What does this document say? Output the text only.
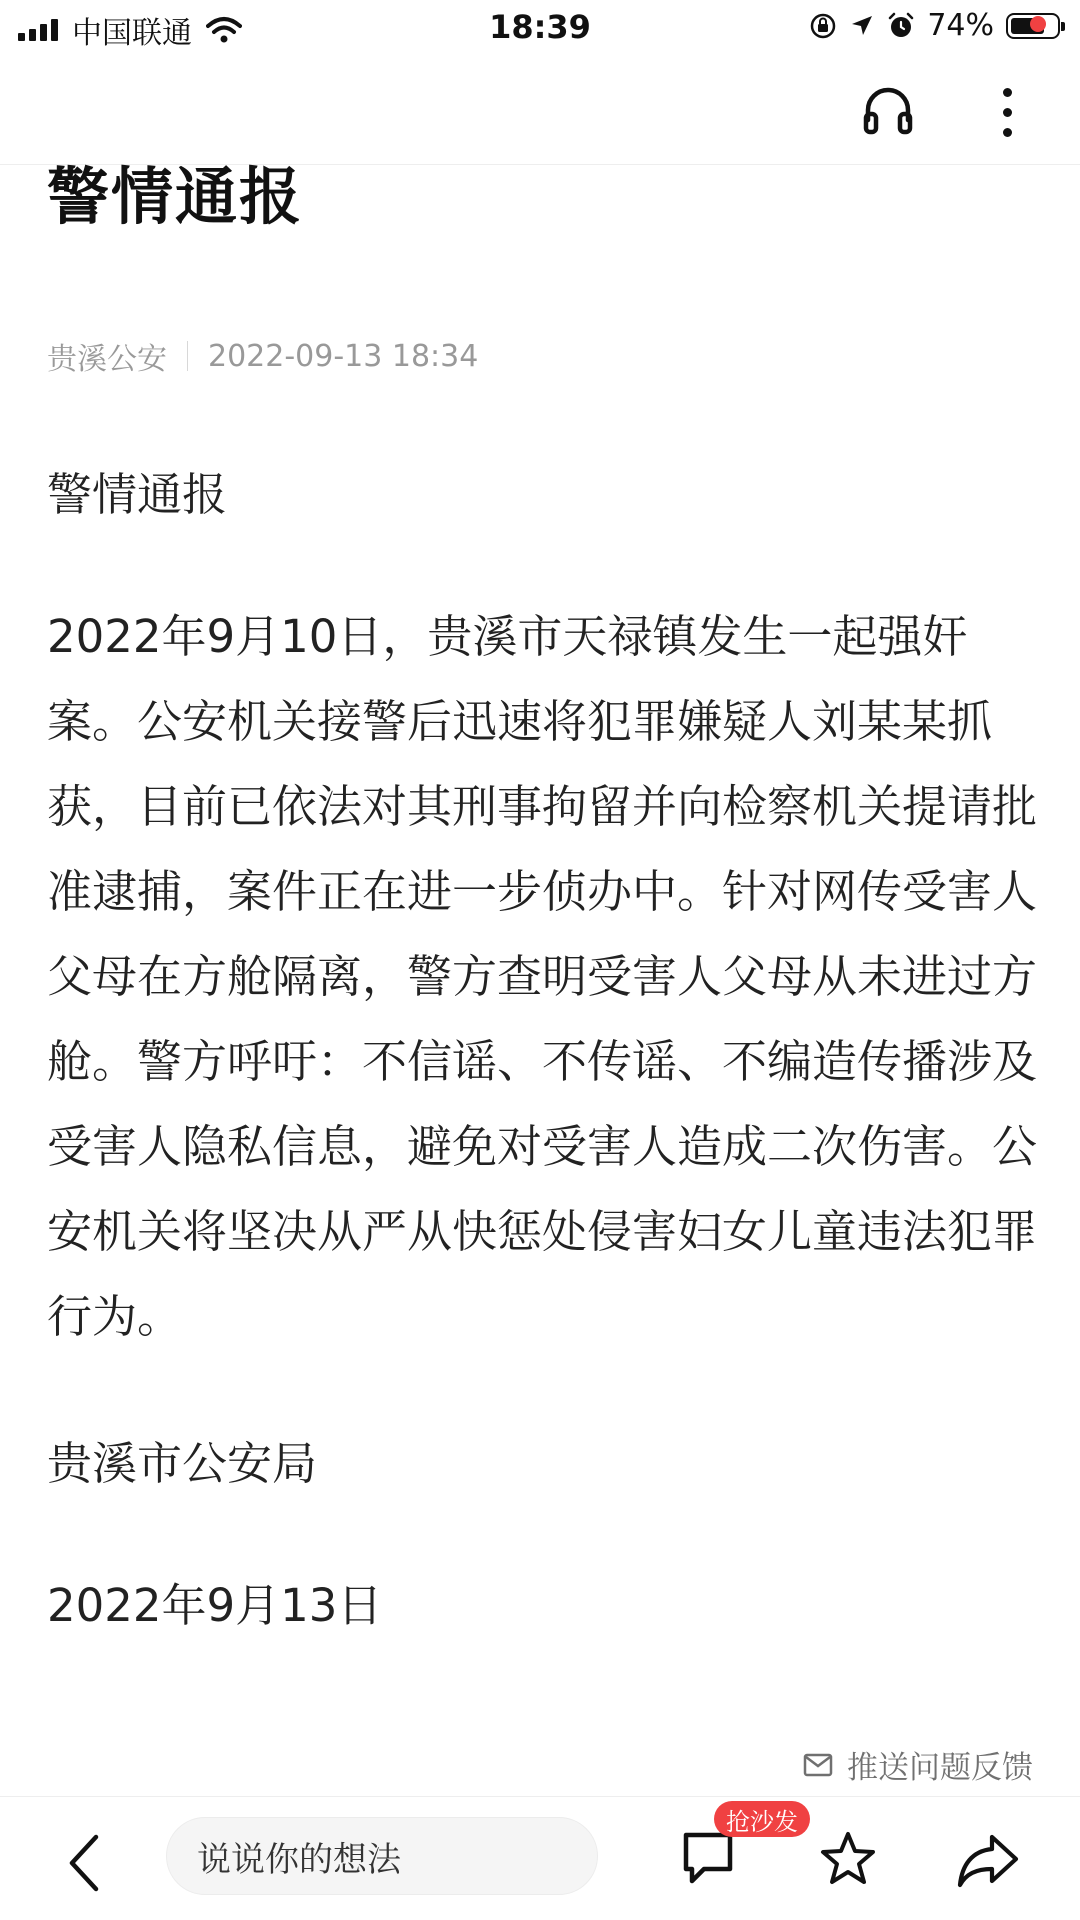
中国联通	18:39	74%
警情通报
贵溪公安 2022-09-13 18:34

警情通报

2022年9月10日，贵溪市天禄镇发生一起强奸案。公安机关接警后迅速将犯罪嫌疑人刘某某抓获，目前已依法对其刑事拘留并向检察机关提请批准逮捕，案件正在进一步侦办中。针对网传受害人父母在方舱隔离，警方查明受害人父母从未进过方舱。警方呼吁：不信谣、不传谣、不编造传播涉及受害人隐私信息，避免对受害人造成二次伤害。公安机关将坚决从严从快惩处侵害妇女儿童违法犯罪行为。

贵溪市公安局

2022年9月13日

推送问题反馈
说说你的想法
抢沙发
